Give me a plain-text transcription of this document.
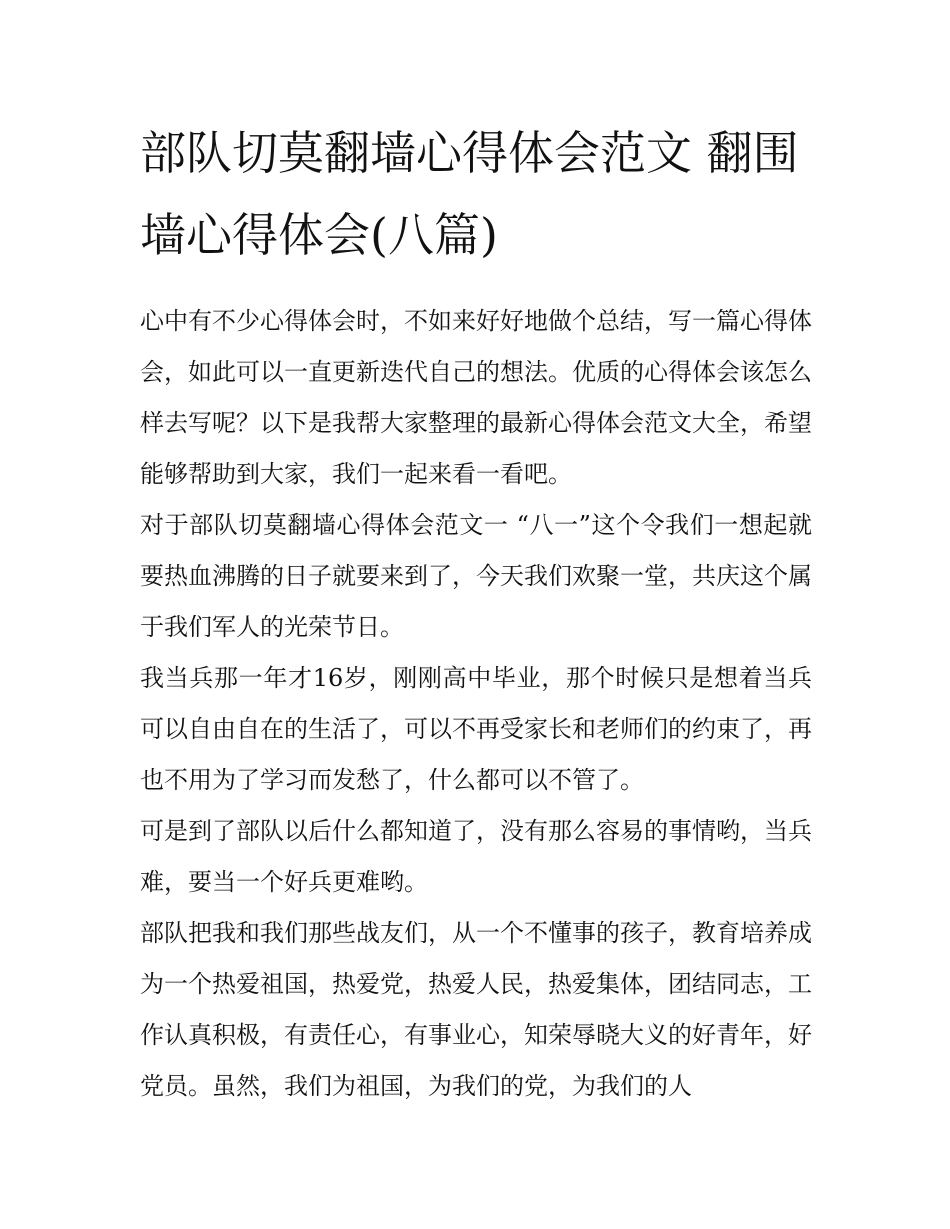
部队切莫翻墙心得体会范文 翻围墙心得体会(八篇)

心中有不少心得体会时，不如来好好地做个总结，写一篇心得体会，如此可以一直更新迭代自己的想法。优质的心得体会该怎么样去写呢？以下是我帮大家整理的最新心得体会范文大全，希望能够帮助到大家，我们一起来看一看吧。

对于部队切莫翻墙心得体会范文一 “八一”这个令我们一想起就要热血沸腾的日子就要来到了，今天我们欢聚一堂，共庆这个属于我们军人的光荣节日。

我当兵那一年才16岁，刚刚高中毕业，那个时候只是想着当兵可以自由自在的生活了，可以不再受家长和老师们的约束了，再也不用为了学习而发愁了，什么都可以不管了。

可是到了部队以后什么都知道了，没有那么容易的事情哟，当兵难，要当一个好兵更难哟。

部队把我和我们那些战友们，从一个不懂事的孩子，教育培养成为一个热爱祖国，热爱党，热爱人民，热爱集体，团结同志，工作认真积极，有责任心，有事业心，知荣辱晓大义的好青年，好党员。虽然，我们为祖国，为我们的党，为我们的人
